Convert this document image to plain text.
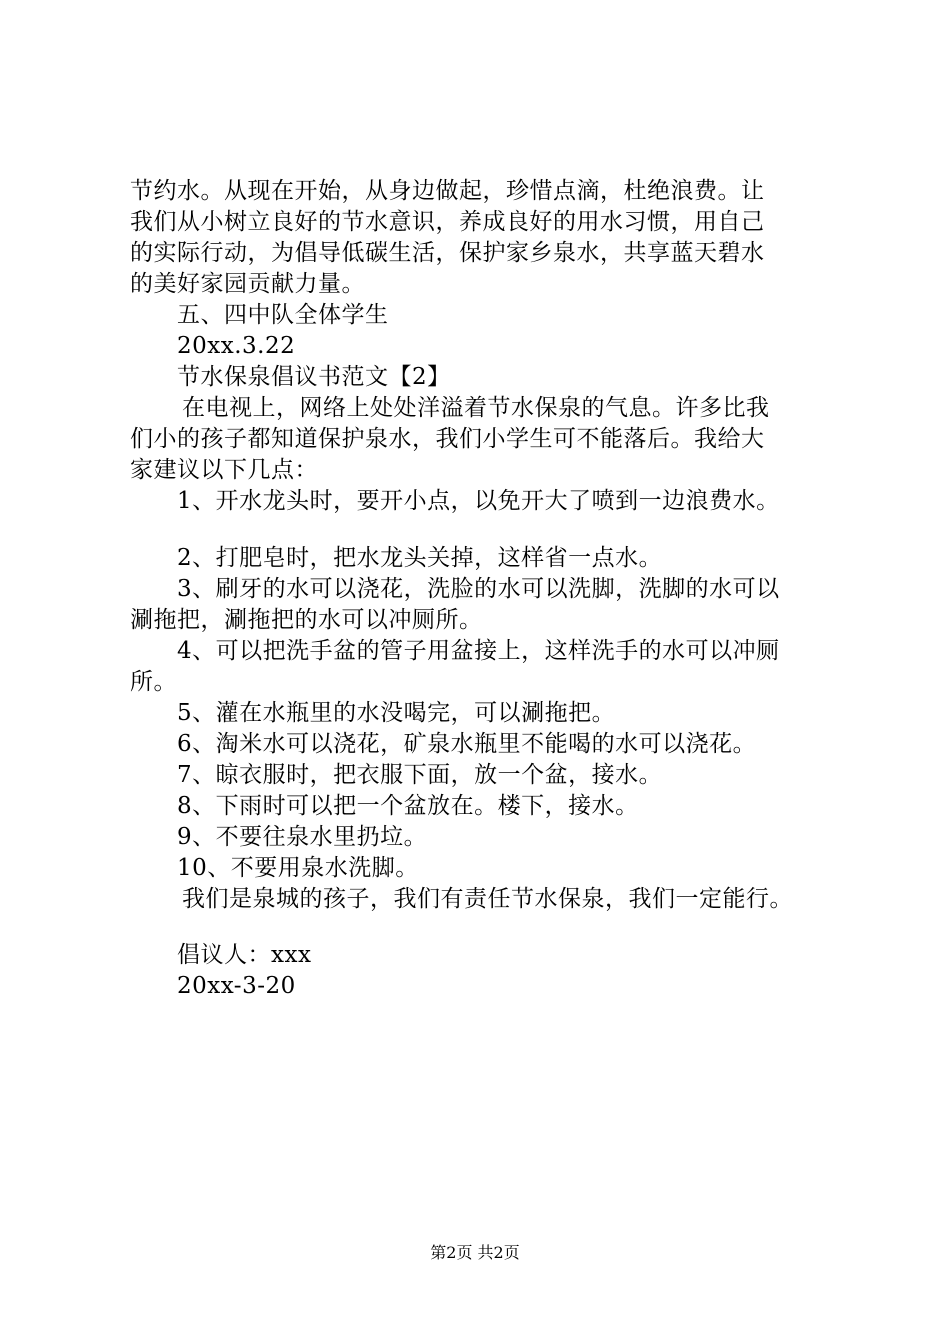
节约水。从现在开始，从身边做起，珍惜点滴，杜绝浪费。让
我们从小树立良好的节水意识，养成良好的用水习惯，用自己
的实际行动，为倡导低碳生活，保护家乡泉水，共享蓝天碧水
的美好家园贡献力量。
五、四中队全体学生
20xx.3.22
节水保泉倡议书范文【2】
在电视上，网络上处处洋溢着节水保泉的气息。许多比我
们小的孩子都知道保护泉水，我们小学生可不能落后。我给大
家建议以下几点：
1、开水龙头时，要开小点，以免开大了喷到一边浪费水。
2、打肥皂时，把水龙头关掉，这样省一点水。
3、刷牙的水可以浇花，洗脸的水可以洗脚，洗脚的水可以
涮拖把，涮拖把的水可以冲厕所。
4、可以把洗手盆的管子用盆接上，这样洗手的水可以冲厕
所。
5、灌在水瓶里的水没喝完，可以涮拖把。
6、淘米水可以浇花，矿泉水瓶里不能喝的水可以浇花。
7、晾衣服时，把衣服下面，放一个盆，接水。
8、下雨时可以把一个盆放在。楼下，接水。
9、不要往泉水里扔垃。
10、不要用泉水洗脚。
我们是泉城的孩子，我们有责任节水保泉，我们一定能行。
倡议人：xxx
20xx-3-20
第2页 共2页
